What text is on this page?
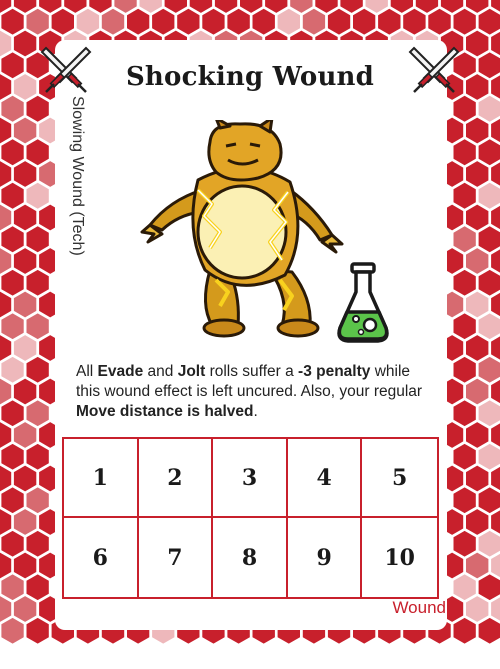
Shocking Wound
Slowing Wound (Tech)
All Evade and Jolt rolls suffer a -3 penalty while this wound effect is left uncured. Also, your regular Move distance is halved.
1	2	3	4	5
6	7	8	9	10
Wound
